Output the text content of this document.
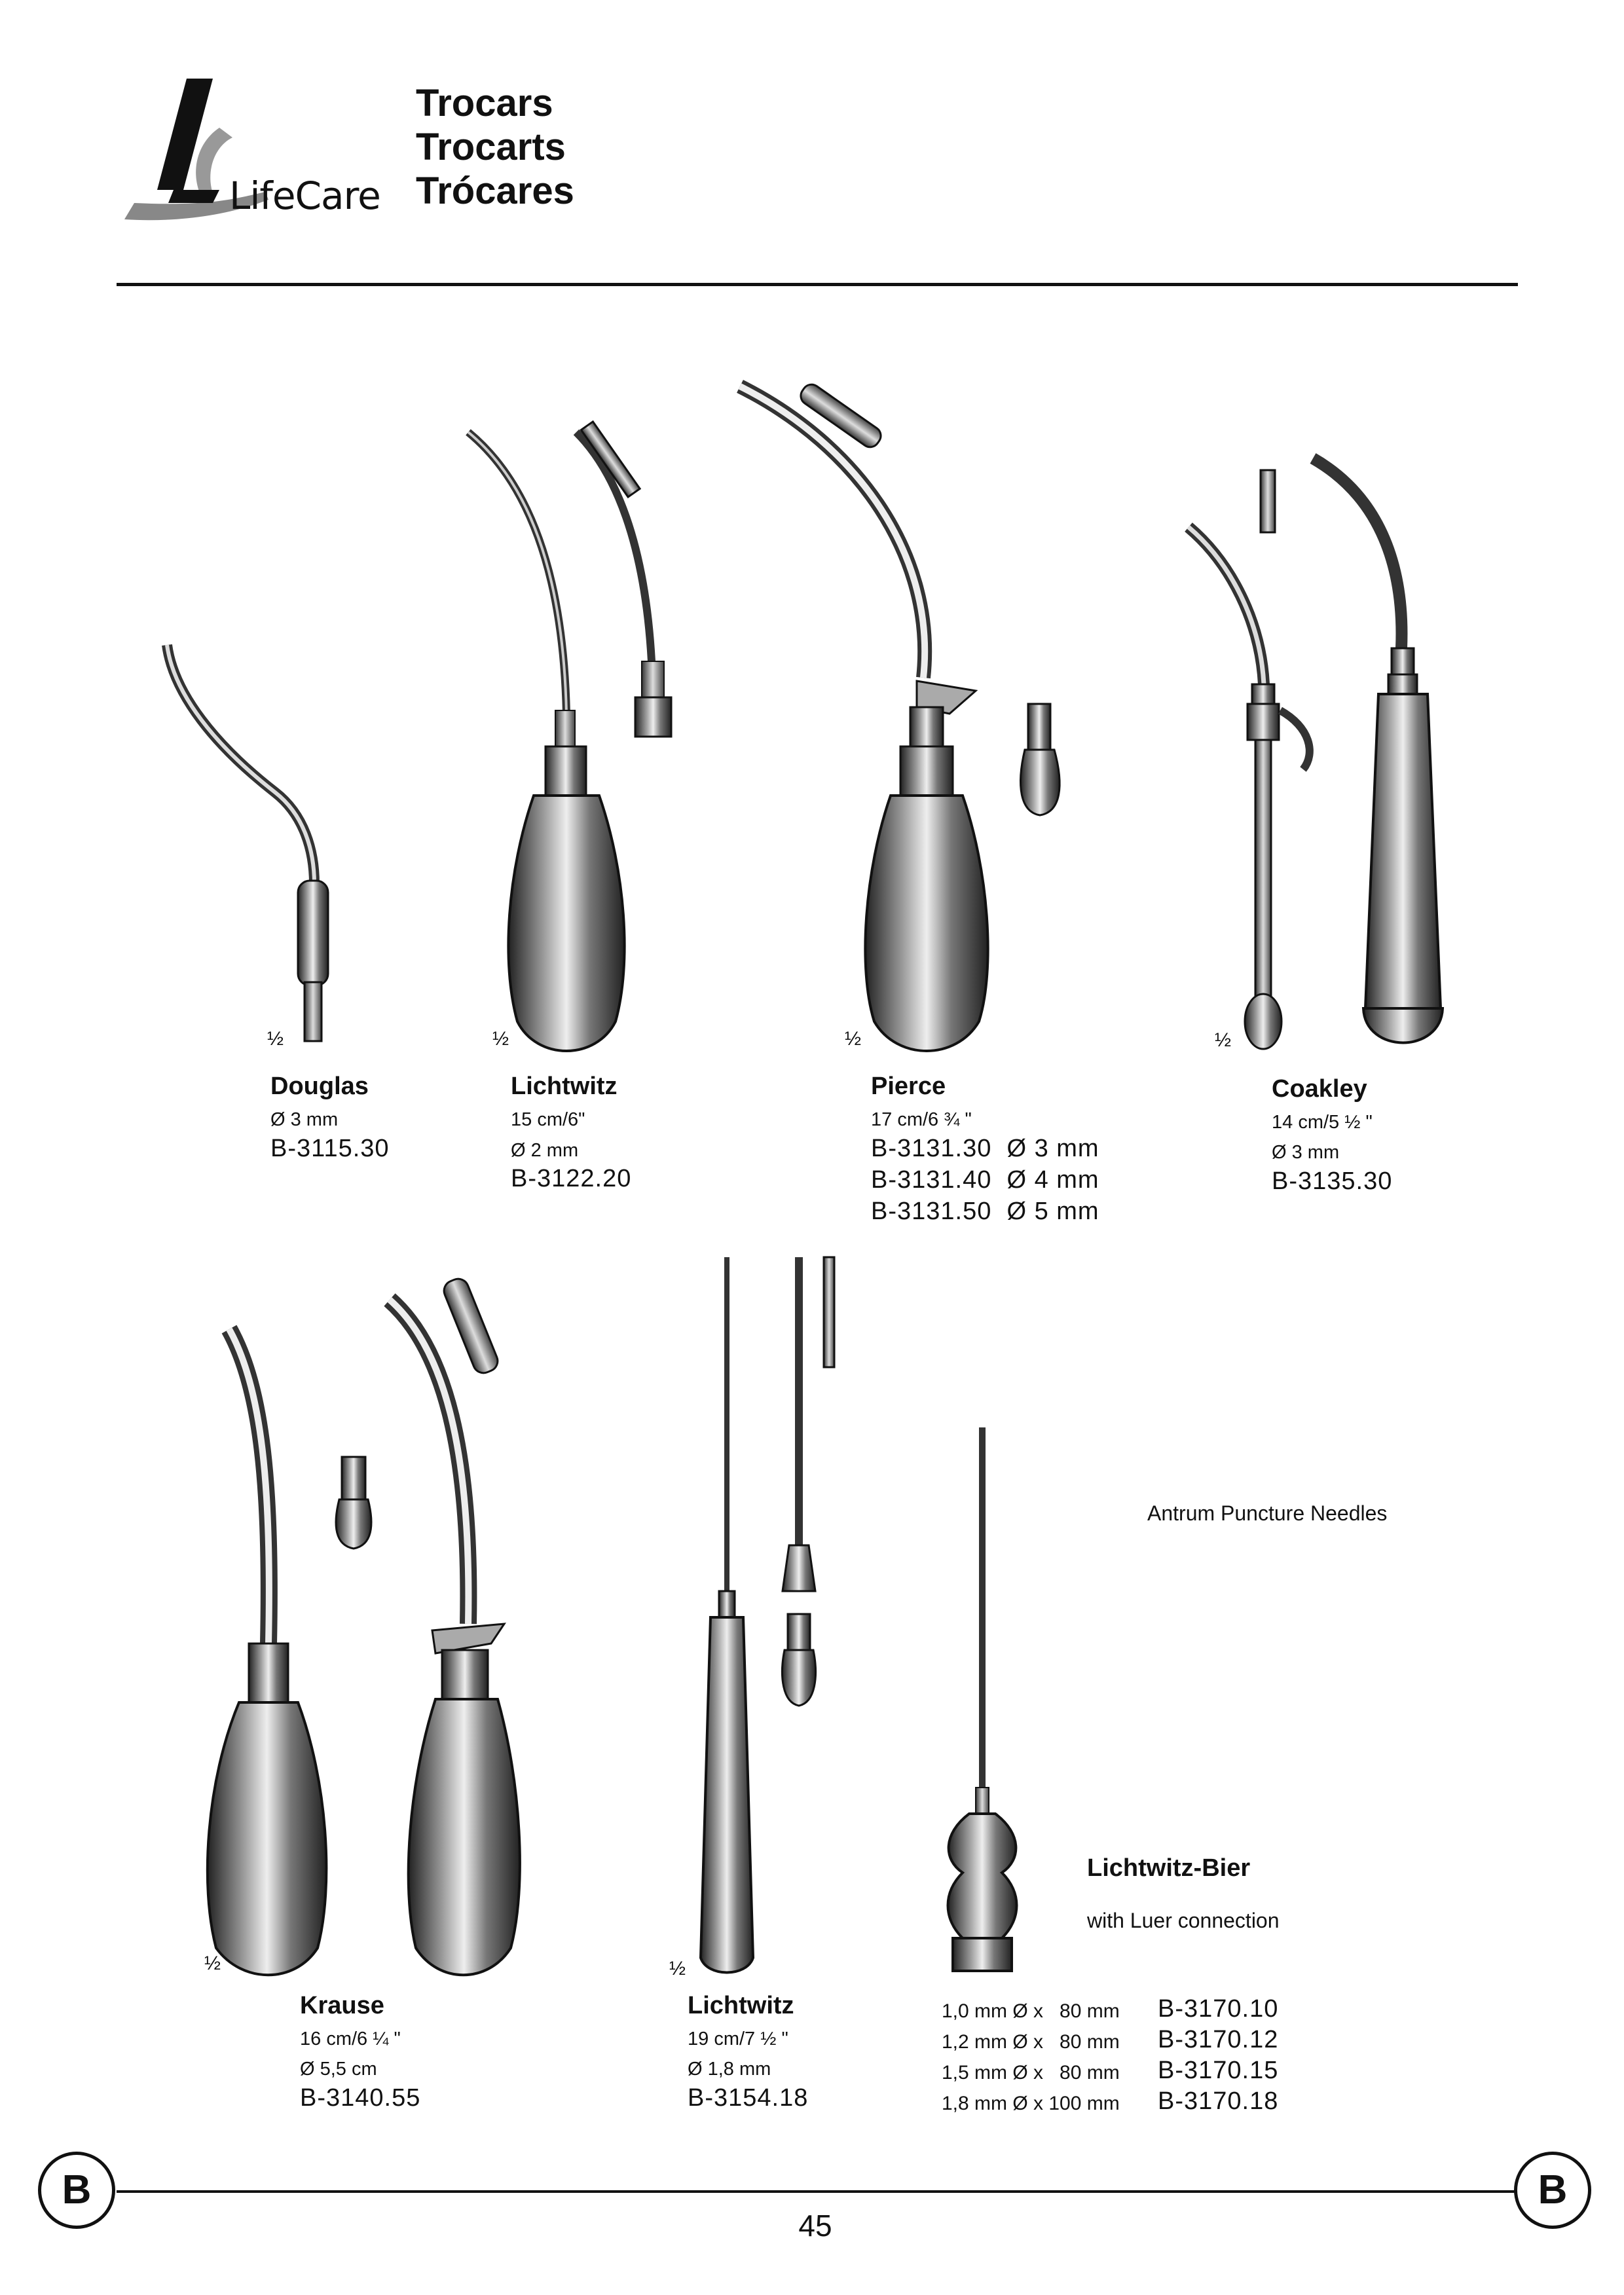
LifeCare
Trocars
Trocarts
Trócares
½
Douglas
Ø 3 mm
B-3115.30
½
Lichtwitz
15 cm/6"
Ø 2 mm
B-3122.20
½
Pierce
17 cm/6 ¾ "
B-3131.30  Ø 3 mm
B-3131.40  Ø 4 mm
B-3131.50  Ø 5 mm
½
Coakley
14 cm/5 ½ "
Ø 3 mm
B-3135.30
½
Krause
16 cm/6 ¼ "
Ø 5,5 cm
B-3140.55
½
Lichtwitz
19 cm/7 ½ "
Ø 1,8 mm
B-3154.18
Antrum Puncture Needles
Lichtwitz-Bier
with Luer connection
1,0 mm Ø x   80 mm B-3170.10
1,2 mm Ø x   80 mm B-3170.12
1,5 mm Ø x   80 mm B-3170.15
1,8 mm Ø x 100 mm B-3170.18
B	B
45
